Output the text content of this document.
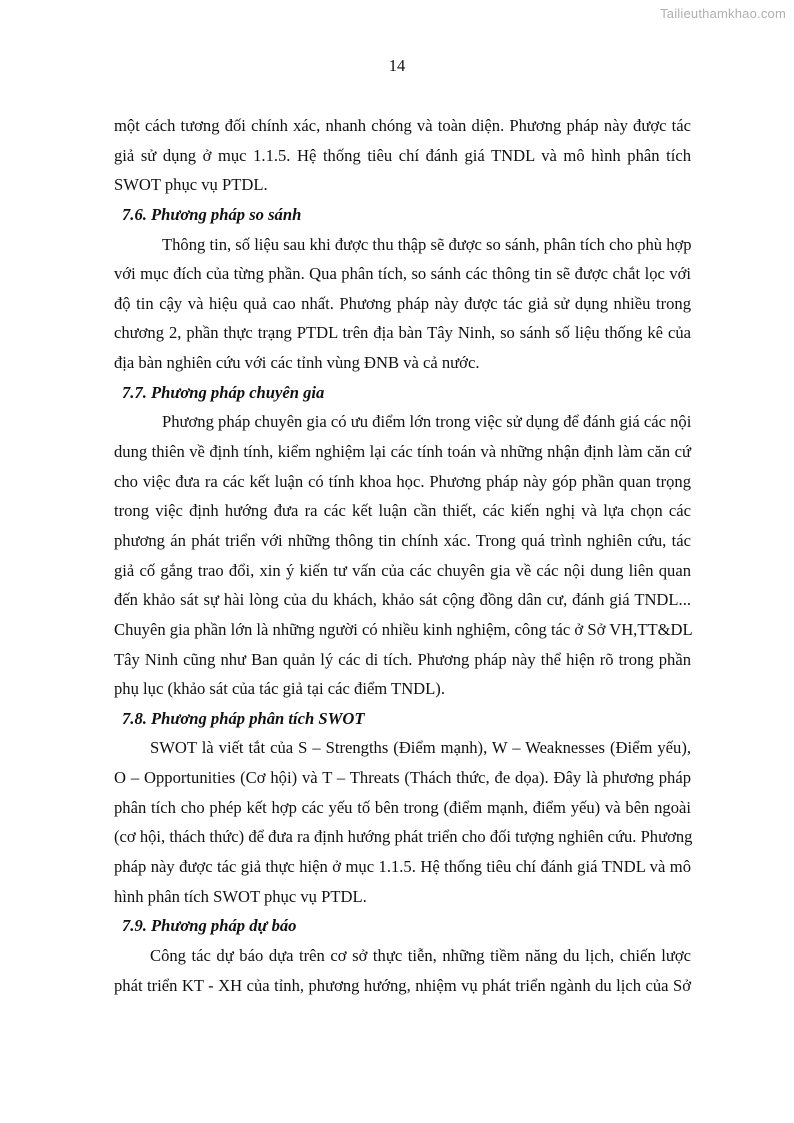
Tailieuthamkhao.com
14
một cách tương đối chính xác, nhanh chóng và toàn diện. Phương pháp này được tác
giả sử dụng ở mục 1.1.5. Hệ thống tiêu chí đánh giá TNDL và mô hình phân tích
SWOT phục vụ PTDL.
7.6. Phương pháp so sánh
Thông tin, số liệu sau khi được thu thập sẽ được so sánh, phân tích cho phù hợp
với mục đích của từng phần. Qua phân tích, so sánh các thông tin sẽ được chắt lọc với
độ tin cậy và hiệu quả cao nhất. Phương pháp này được tác giả sử dụng nhiều trong
chương 2, phần thực trạng PTDL trên địa bàn Tây Ninh, so sánh số liệu thống kê của
địa bàn nghiên cứu với các tỉnh vùng ĐNB và cả nước.
7.7. Phương pháp chuyên gia
Phương pháp chuyên gia có ưu điểm lớn trong việc sử dụng để đánh giá các nội
dung thiên về định tính, kiểm nghiệm lại các tính toán và những nhận định làm căn cứ
cho việc đưa ra các kết luận có tính khoa học. Phương pháp này góp phần quan trọng
trong việc định hướng đưa ra các kết luận cần thiết, các kiến nghị và lựa chọn các
phương án phát triển với những thông tin chính xác. Trong quá trình nghiên cứu, tác
giả cố gắng trao đổi, xin ý kiến tư vấn của các chuyên gia về các nội dung liên quan
đến khảo sát sự hài lòng của du khách, khảo sát cộng đồng dân cư, đánh giá TNDL...
Chuyên gia phần lớn là những người có nhiều kinh nghiệm, công tác ở Sở VH,TT&DL
Tây Ninh cũng như Ban quản lý các di tích. Phương pháp này thể hiện rõ trong phần
phụ lục (khảo sát của tác giả tại các điểm TNDL).
7.8. Phương pháp phân tích SWOT
SWOT là viết tắt của S – Strengths (Điểm mạnh), W – Weaknesses (Điểm yếu),
O – Opportunities (Cơ hội) và T – Threats (Thách thức, đe dọa). Đây là phương pháp
phân tích cho phép kết hợp các yếu tố bên trong (điểm mạnh, điểm yếu) và bên ngoài
(cơ hội, thách thức) để đưa ra định hướng phát triển cho đối tượng nghiên cứu. Phương
pháp này được tác giả thực hiện ở mục 1.1.5. Hệ thống tiêu chí đánh giá TNDL và mô
hình phân tích SWOT phục vụ PTDL.
7.9. Phương pháp dự báo
Công tác dự báo dựa trên cơ sở thực tiễn, những tiềm năng du lịch, chiến lược
phát triển KT - XH của tỉnh, phương hướng, nhiệm vụ phát triển ngành du lịch của Sở
